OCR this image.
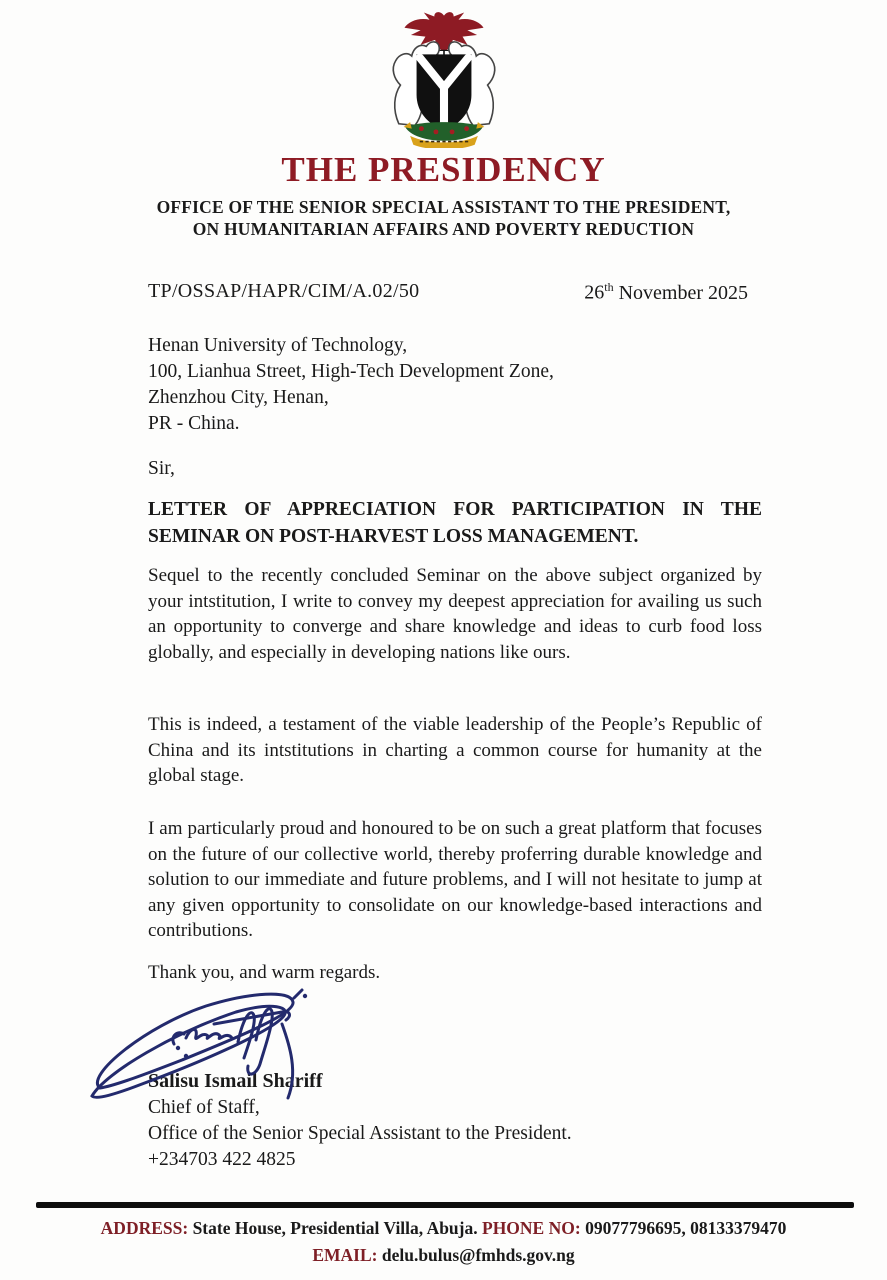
THE PRESIDENCY
OFFICE OF THE SENIOR SPECIAL ASSISTANT TO THE PRESIDENT,
ON HUMANITARIAN AFFAIRS AND POVERTY REDUCTION
TP/OSSAP/HAPR/CIM/A.02/50	26th November 2025
Henan University of Technology,
100, Lianhua Street, High-Tech Development Zone,
Zhenzhou City, Henan,
PR - China.
Sir,
LETTER OF APPRECIATION FOR PARTICIPATION IN THE
SEMINAR ON POST-HARVEST LOSS MANAGEMENT.
Sequel to the recently concluded Seminar on the above subject organized by your intstitution, I write to convey my deepest appreciation for availing us such an opportunity to converge and share knowledge and ideas to curb food loss globally, and especially in developing nations like ours.
This is indeed, a testament of the viable leadership of the People’s Republic of China and its intstitutions in charting a common course for humanity at the global stage.
I am particularly proud and honoured to be on such a great platform that focuses on the future of our collective world, thereby proferring durable knowledge and solution to our immediate and future problems, and I will not hesitate to jump at any given opportunity to consolidate on our knowledge-based interactions and contributions.
Thank you, and warm regards.
Salisu Ismail Shariff
Chief of Staff,
Office of the Senior Special Assistant to the President.
+234703 422 4825
ADDRESS: State House, Presidential Villa, Abuja. PHONE NO: 09077796695, 08133379470
EMAIL: delu.bulus@fmhds.gov.ng
